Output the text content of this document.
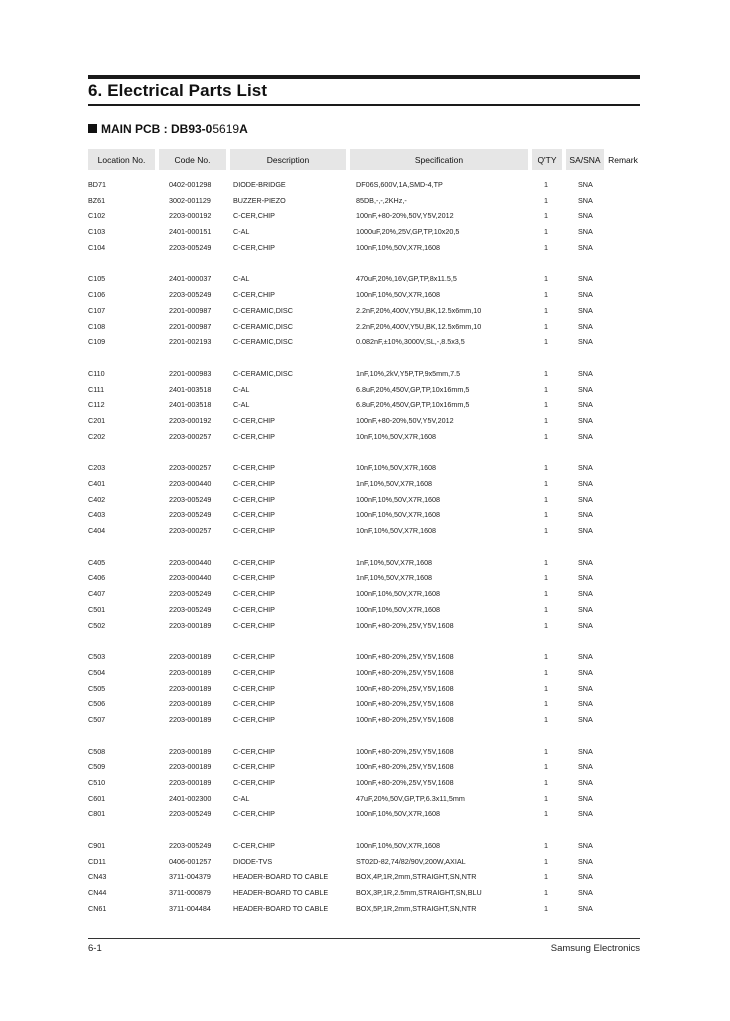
6. Electrical Parts List
MAIN PCB : DB93-05619A
Location No.	Code No.	Description	Specification	Q'TY	SA/SNA Remark
BD71	0402-001298	DIODE-BRIDGE	DF06S,600V,1A,SMD-4,TP	1	SNA
BZ61	3002-001129	BUZZER-PIEZO	85DB,-,-,2KHz,-	1	SNA
C102	2203-000192	C-CER,CHIP	100nF,+80-20%,50V,Y5V,2012	1	SNA
C103	2401-000151	C-AL	1000uF,20%,25V,GP,TP,10x20,5	1	SNA
C104	2203-005249	C-CER,CHIP	100nF,10%,50V,X7R,1608	1	SNA
C105	2401-000037	C-AL	470uF,20%,16V,GP,TP,8x11.5,5	1	SNA
C106	2203-005249	C-CER,CHIP	100nF,10%,50V,X7R,1608	1	SNA
C107	2201-000987	C-CERAMIC,DISC	2.2nF,20%,400V,Y5U,BK,12.5x6mm,10	1	SNA
C108	2201-000987	C-CERAMIC,DISC	2.2nF,20%,400V,Y5U,BK,12.5x6mm,10	1	SNA
C109	2201-002193	C-CERAMIC,DISC	0.082nF,±10%,3000V,SL,-,8.5x3,5	1	SNA
C110	2201-000983	C-CERAMIC,DISC	1nF,10%,2kV,Y5P,TP,9x5mm,7.5	1	SNA
C111	2401-003518	C-AL	6.8uF,20%,450V,GP,TP,10x16mm,5	1	SNA
C112	2401-003518	C-AL	6.8uF,20%,450V,GP,TP,10x16mm,5	1	SNA
C201	2203-000192	C-CER,CHIP	100nF,+80-20%,50V,Y5V,2012	1	SNA
C202	2203-000257	C-CER,CHIP	10nF,10%,50V,X7R,1608	1	SNA
C203	2203-000257	C-CER,CHIP	10nF,10%,50V,X7R,1608	1	SNA
C401	2203-000440	C-CER,CHIP	1nF,10%,50V,X7R,1608	1	SNA
C402	2203-005249	C-CER,CHIP	100nF,10%,50V,X7R,1608	1	SNA
C403	2203-005249	C-CER,CHIP	100nF,10%,50V,X7R,1608	1	SNA
C404	2203-000257	C-CER,CHIP	10nF,10%,50V,X7R,1608	1	SNA
C405	2203-000440	C-CER,CHIP	1nF,10%,50V,X7R,1608	1	SNA
C406	2203-000440	C-CER,CHIP	1nF,10%,50V,X7R,1608	1	SNA
C407	2203-005249	C-CER,CHIP	100nF,10%,50V,X7R,1608	1	SNA
C501	2203-005249	C-CER,CHIP	100nF,10%,50V,X7R,1608	1	SNA
C502	2203-000189	C-CER,CHIP	100nF,+80-20%,25V,Y5V,1608	1	SNA
C503	2203-000189	C-CER,CHIP	100nF,+80-20%,25V,Y5V,1608	1	SNA
C504	2203-000189	C-CER,CHIP	100nF,+80-20%,25V,Y5V,1608	1	SNA
C505	2203-000189	C-CER,CHIP	100nF,+80-20%,25V,Y5V,1608	1	SNA
C506	2203-000189	C-CER,CHIP	100nF,+80-20%,25V,Y5V,1608	1	SNA
C507	2203-000189	C-CER,CHIP	100nF,+80-20%,25V,Y5V,1608	1	SNA
C508	2203-000189	C-CER,CHIP	100nF,+80-20%,25V,Y5V,1608	1	SNA
C509	2203-000189	C-CER,CHIP	100nF,+80-20%,25V,Y5V,1608	1	SNA
C510	2203-000189	C-CER,CHIP	100nF,+80-20%,25V,Y5V,1608	1	SNA
C601	2401-002300	C-AL	47uF,20%,50V,GP,TP,6.3x11,5mm	1	SNA
C801	2203-005249	C-CER,CHIP	100nF,10%,50V,X7R,1608	1	SNA
C901	2203-005249	C-CER,CHIP	100nF,10%,50V,X7R,1608	1	SNA
CD11	0406-001257	DIODE-TVS	ST02D-82,74/82/90V,200W,AXIAL	1	SNA
CN43	3711-004379	HEADER-BOARD TO CABLE	BOX,4P,1R,2mm,STRAIGHT,SN,NTR	1	SNA
CN44	3711-000879	HEADER-BOARD TO CABLE	BOX,3P,1R,2.5mm,STRAIGHT,SN,BLU	1	SNA
CN61	3711-004484	HEADER-BOARD TO CABLE	BOX,5P,1R,2mm,STRAIGHT,SN,NTR	1	SNA
6-1	Samsung Electronics
